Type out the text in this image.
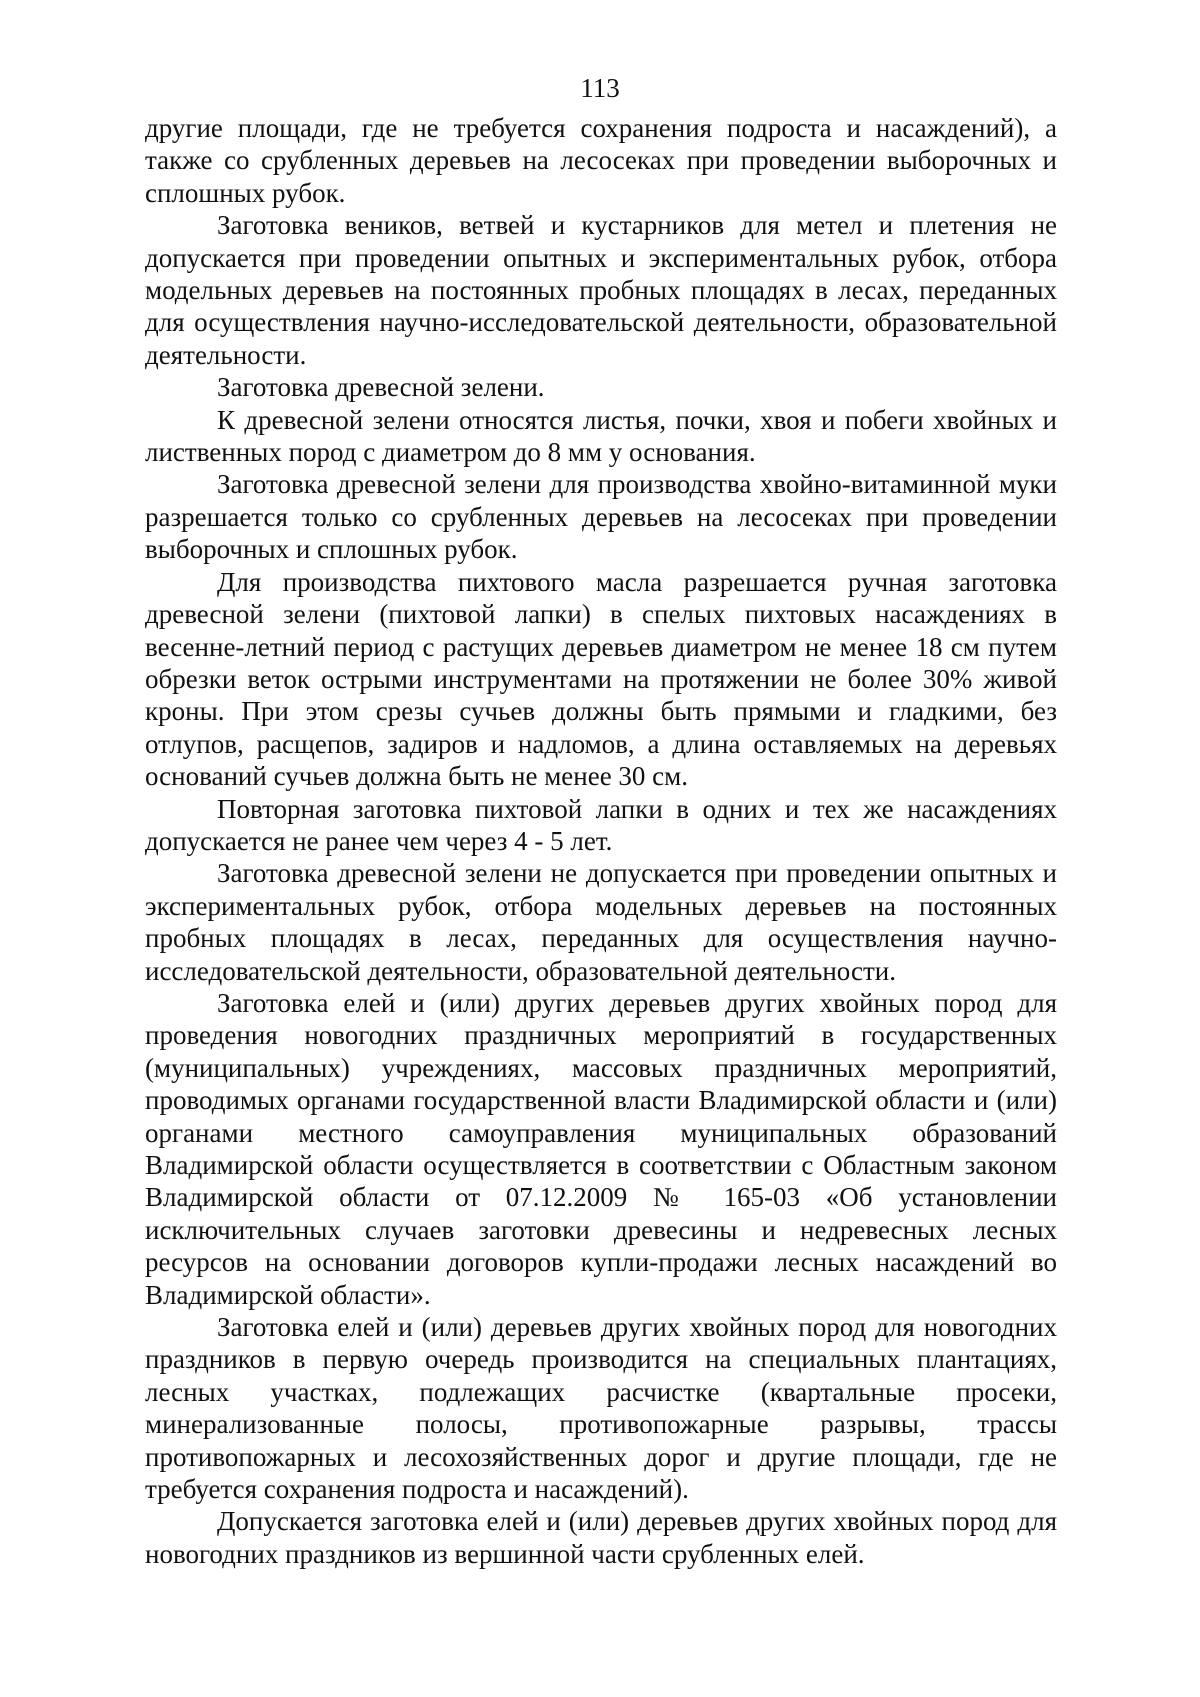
113

другие площади, где не требуется сохранения подроста и насаждений), а также со срубленных деревьев на лесосеках при проведении выборочных и сплошных рубок.

Заготовка веников, ветвей и кустарников для метел и плетения не допускается при проведении опытных и экспериментальных рубок, отбора модельных деревьев на постоянных пробных площадях в лесах, переданных для осуществления научно-исследовательской деятельности, образовательной деятельности.

Заготовка древесной зелени.

К древесной зелени относятся листья, почки, хвоя и побеги хвойных и лиственных пород с диаметром до 8 мм у основания.

Заготовка древесной зелени для производства хвойно-витаминной муки разрешается только со срубленных деревьев на лесосеках при проведении выборочных и сплошных рубок.

Для производства пихтового масла разрешается ручная заготовка древесной зелени (пихтовой лапки) в спелых пихтовых насаждениях в весенне-летний период с растущих деревьев диаметром не менее 18 см путем обрезки веток острыми инструментами на протяжении не более 30% живой кроны. При этом срезы сучьев должны быть прямыми и гладкими, без отлупов, расщепов, задиров и надломов, а длина оставляемых на деревьях оснований сучьев должна быть не менее 30 см.

Повторная заготовка пихтовой лапки в одних и тех же насаждениях допускается не ранее чем через 4 - 5 лет.

Заготовка древесной зелени не допускается при проведении опытных и экспериментальных рубок, отбора модельных деревьев на постоянных пробных площадях в лесах, переданных для осуществления научно-исследовательской деятельности, образовательной деятельности.

Заготовка елей и (или) других деревьев других хвойных пород для проведения новогодних праздничных мероприятий в государственных (муниципальных) учреждениях, массовых праздничных мероприятий, проводимых органами государственной власти Владимирской области и (или) органами местного самоуправления муниципальных образований Владимирской области осуществляется в соответствии с Областным законом Владимирской области от 07.12.2009 № 165-03 «Об установлении исключительных случаев заготовки древесины и недревесных лесных ресурсов на основании договоров купли-продажи лесных насаждений во Владимирской области».

Заготовка елей и (или) деревьев других хвойных пород для новогодних праздников в первую очередь производится на специальных плантациях, лесных участках, подлежащих расчистке (квартальные просеки, минерализованные полосы, противопожарные разрывы, трассы противопожарных и лесохозяйственных дорог и другие площади, где не требуется сохранения подроста и насаждений).

Допускается заготовка елей и (или) деревьев других хвойных пород для новогодних праздников из вершинной части срубленных елей.
